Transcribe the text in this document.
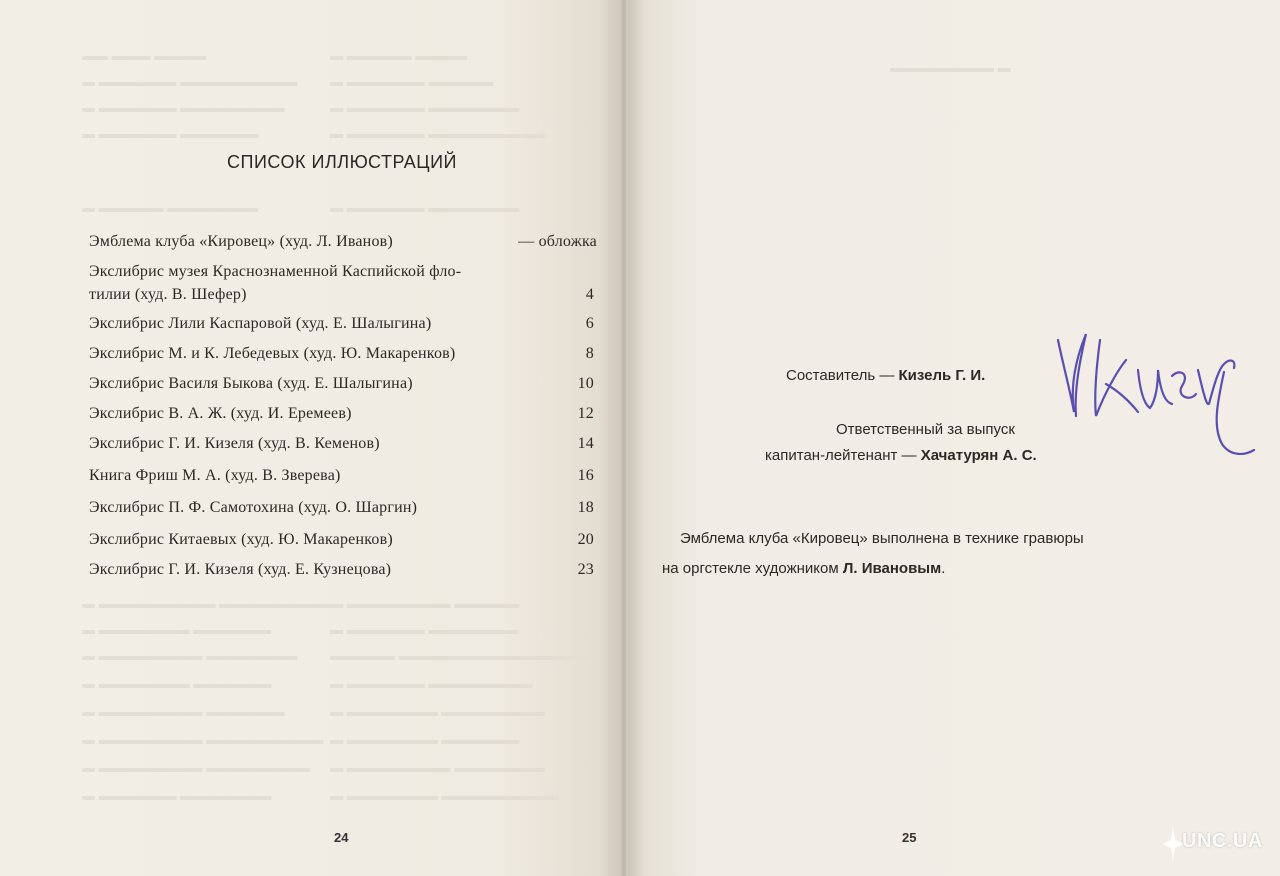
▬▬ ▬▬▬ ▬▬▬▬	▬ ▬▬▬▬▬ ▬▬▬▬
▬ ▬▬▬▬▬▬ ▬▬▬▬▬▬▬▬▬	▬ ▬▬▬▬▬▬ ▬▬▬▬▬
▬ ▬▬▬▬▬▬ ▬▬▬▬▬▬▬▬	▬ ▬▬▬▬▬▬ ▬▬▬▬▬▬▬
▬ ▬▬▬▬▬▬ ▬▬▬▬▬▬	▬ ▬▬▬▬▬▬ ▬▬▬▬▬▬▬▬▬
▬ ▬▬▬▬▬ ▬▬▬▬▬▬▬	▬ ▬▬▬▬▬▬ ▬▬▬▬▬▬▬
▬ ▬▬▬▬▬▬▬▬▬ ▬▬▬▬▬▬▬▬▬
▬ ▬▬▬▬▬▬▬▬ ▬▬▬▬▬
▬ ▬▬▬▬▬▬▬ ▬▬▬▬▬▬	▬ ▬▬▬▬▬▬ ▬▬▬▬▬▬▬
▬ ▬▬▬▬▬▬▬▬ ▬▬▬▬▬▬▬	▬▬▬▬▬ ▬▬▬▬▬▬▬▬▬▬▬▬▬▬▬
▬ ▬▬▬▬▬▬▬ ▬▬▬▬▬▬	▬ ▬▬▬▬▬▬ ▬▬▬▬▬▬▬▬
▬ ▬▬▬▬▬▬▬▬ ▬▬▬▬▬▬	▬ ▬▬▬▬▬▬▬ ▬▬▬▬▬▬▬▬
▬ ▬▬▬▬▬▬▬▬ ▬▬▬▬▬▬▬▬▬ ▬ ▬▬▬▬▬▬▬ ▬▬▬▬▬▬
▬ ▬▬▬▬▬▬▬▬ ▬▬▬▬▬▬▬▬ ▬ ▬▬▬▬▬▬▬▬ ▬▬▬▬▬▬▬
▬ ▬▬▬▬▬▬ ▬▬▬▬▬▬▬	▬ ▬▬▬▬▬▬▬ ▬▬▬▬▬▬▬▬▬
▬▬▬▬▬▬▬▬ ▬
СПИСОК ИЛЛЮСТРАЦИЙ
Эмблема клуба «Кировец» (худ. Л. Иванов)	— обложка
Экслибрис музея Краснознаменной Каспийской фло-
тилии (худ. В. Шефер)	4
Экслибрис Лили Каспаровой (худ. Е. Шалыгина)	6
Экслибрис М. и К. Лебедевых (худ. Ю. Макаренков)	8
Экслибрис Василя Быкова (худ. Е. Шалыгина)	10
Экслибрис В. А. Ж. (худ. И. Еремеев)	12
Экслибрис Г. И. Кизеля (худ. В. Кеменов)	14
Книга Фриш М. А. (худ. В. Зверева)	16
Экслибрис П. Ф. Самотохина (худ. О. Шаргин)	18
Экслибрис Китаевых (худ. Ю. Макаренков)	20
Экслибрис Г. И. Кизеля (худ. Е. Кузнецова)	23
24
Составитель — Кизель Г. И.
Ответственный за выпуск
капитан-лейтенант — Хачатурян А. С.
Эмблема клуба «Кировец» выполнена в технике гравюры
на оргстекле художником Л. Ивановым.
25	UNC.UA
